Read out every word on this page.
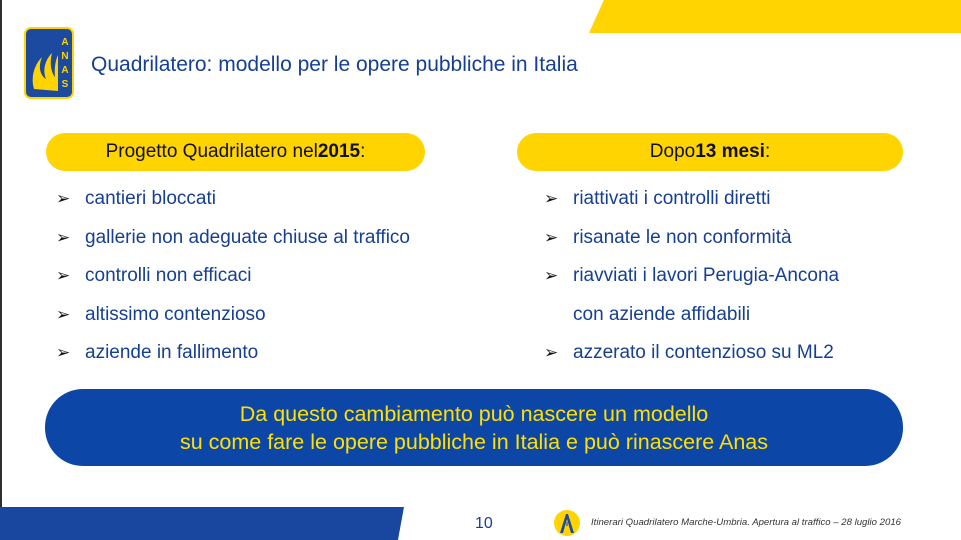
A
N
A
S
Quadrilatero: modello per le opere pubbliche in Italia
Progetto Quadrilatero nel 2015 :	Dopo 13 mesi :
➢ cantieri bloccati
➢ gallerie non adeguate chiuse al traffico
➢ controlli non efficaci
➢ altissimo contenzioso
➢ aziende in fallimento
➢ riattivati i controlli diretti
➢ risanate le non conformità
➢ riavviati i lavori Perugia-Ancona
con aziende affidabili
➢ azzerato il contenzioso su ML2
Da questo cambiamento può nascere un modello
su come fare le opere pubbliche in Italia e può rinascere Anas
10	Itinerari Quadrilatero Marche-Umbria. Apertura al traffico – 28 luglio 2016
